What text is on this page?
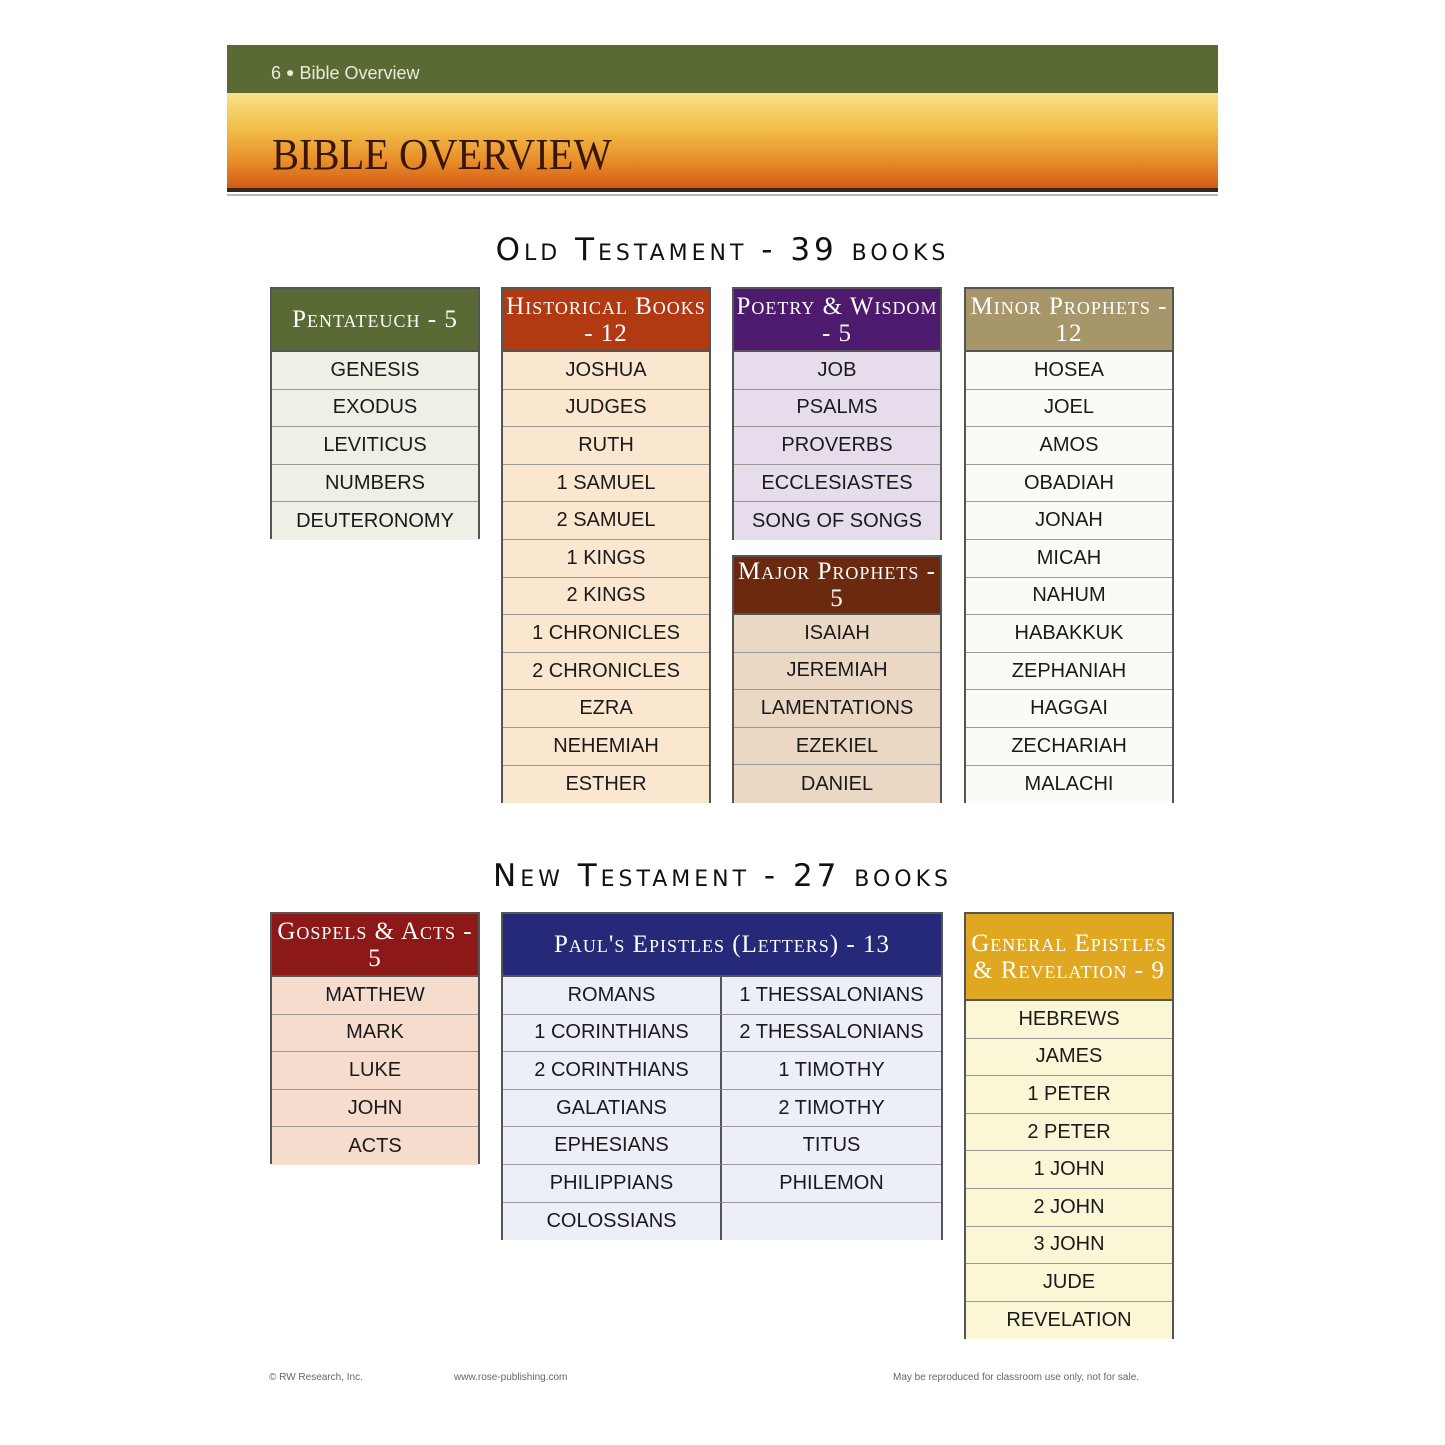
6 ● Bible Overview
BIBLE OVERVIEW
Old Testament - 39 books
Pentateuch - 5
GENESIS
EXODUS
LEVITICUS
NUMBERS
DEUTERONOMY
Historical Books - 12
JOSHUA
JUDGES
RUTH
1 SAMUEL
2 SAMUEL
1 KINGS
2 KINGS
1 CHRONICLES
2 CHRONICLES
EZRA
NEHEMIAH
ESTHER
Poetry & Wisdom - 5
JOB
PSALMS
PROVERBS
ECCLESIASTES
SONG OF SONGS
Major Prophets - 5
ISAIAH
JEREMIAH
LAMENTATIONS
EZEKIEL
DANIEL
Minor Prophets - 12
HOSEA
JOEL
AMOS
OBADIAH
JONAH
MICAH
NAHUM
HABAKKUK
ZEPHANIAH
HAGGAI
ZECHARIAH
MALACHI
New Testament - 27 books
Gospels & Acts - 5
MATTHEW
MARK
LUKE
JOHN
ACTS
Paul's Epistles (Letters) - 13
ROMANS	1 THESSALONIANS
1 CORINTHIANS	2 THESSALONIANS
2 CORINTHIANS	1 TIMOTHY
GALATIANS	2 TIMOTHY
EPHESIANS	TITUS
PHILIPPIANS	PHILEMON
COLOSSIANS
General Epistles & Revelation - 9
HEBREWS
JAMES
1 PETER
2 PETER
1 JOHN
2 JOHN
3 JOHN
JUDE
REVELATION
© RW Research, Inc.	www.rose-publishing.com	May be reproduced for classroom use only, not for sale.
